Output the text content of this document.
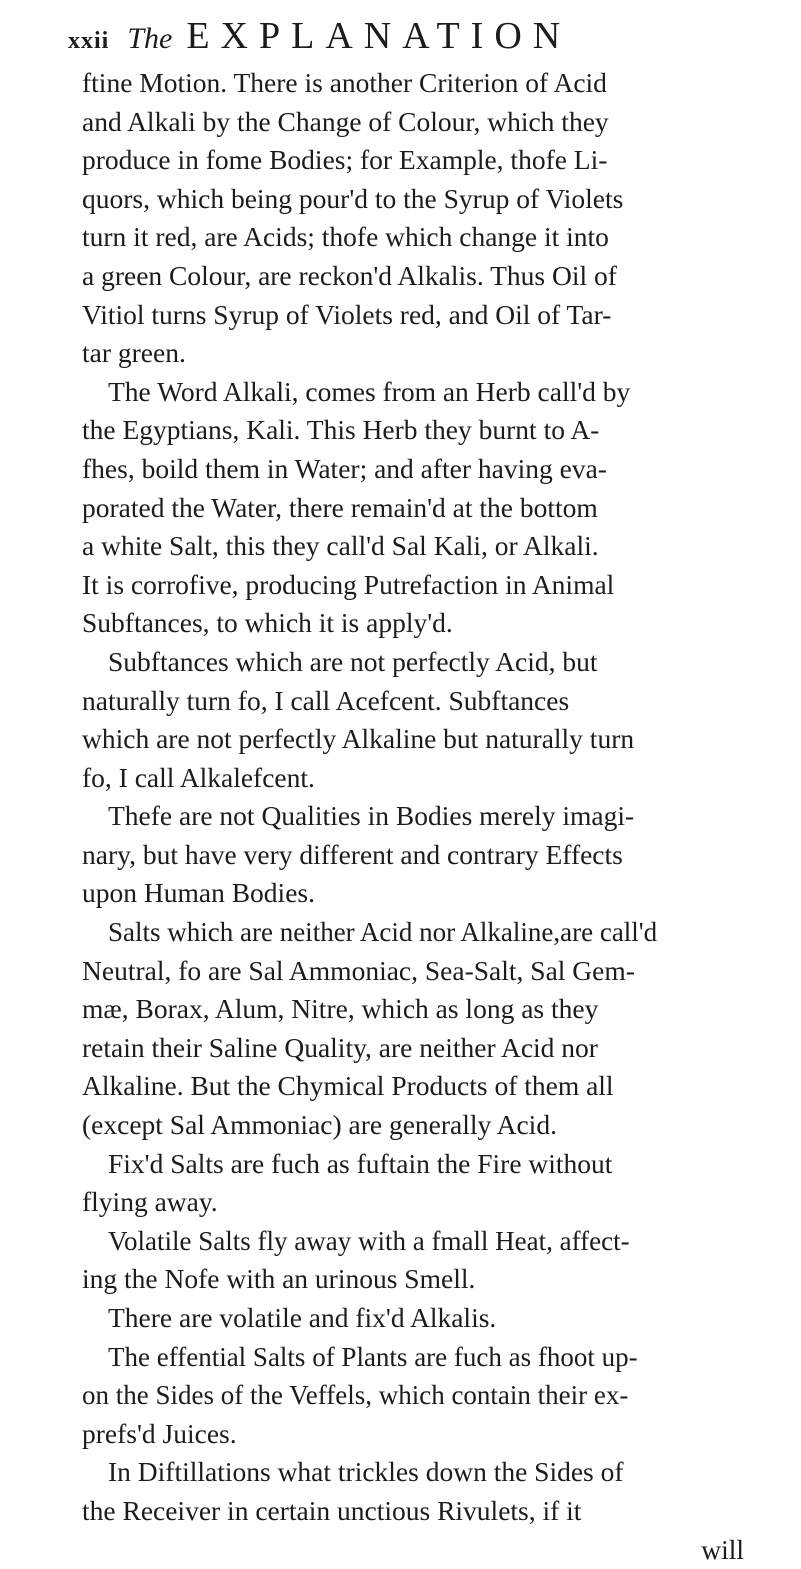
xxii The EXPLANATION
ftine Motion. There is another Criterion of Acid
and Alkali by the Change of Colour, which they
produce in fome Bodies; for Example, thofe Li-
quors, which being pour'd to the Syrup of Violets
turn it red, are Acids; thofe which change it into
a green Colour, are reckon'd Alkalis. Thus Oil of
Vitiol turns Syrup of Violets red, and Oil of Tar-
tar green.
The Word Alkali, comes from an Herb call'd by
the Egyptians, Kali. This Herb they burnt to A-
fhes, boild them in Water; and after having eva-
porated the Water, there remain'd at the bottom
a white Salt, this they call'd Sal Kali, or Alkali.
It is corrofive, producing Putrefaction in Animal
Subftances, to which it is apply'd.
Subftances which are not perfectly Acid, but
naturally turn fo, I call Acefcent. Subftances
which are not perfectly Alkaline but naturally turn
fo, I call Alkalefcent.
Thefe are not Qualities in Bodies merely imagi-
nary, but have very different and contrary Effects
upon Human Bodies.
Salts which are neither Acid nor Alkaline,are call'd
Neutral, fo are Sal Ammoniac, Sea-Salt, Sal Gem-
mæ, Borax, Alum, Nitre, which as long as they
retain their Saline Quality, are neither Acid nor
Alkaline. But the Chymical Products of them all
(except Sal Ammoniac) are generally Acid.
Fix'd Salts are fuch as fuftain the Fire without
flying away.
Volatile Salts fly away with a fmall Heat, affect-
ing the Nofe with an urinous Smell.
There are volatile and fix'd Alkalis.
The effential Salts of Plants are fuch as fhoot up-
on the Sides of the Veffels, which contain their ex-
prefs'd Juices.
In Diftillations what trickles down the Sides of
the Receiver in certain unctious Rivulets, if it
will
